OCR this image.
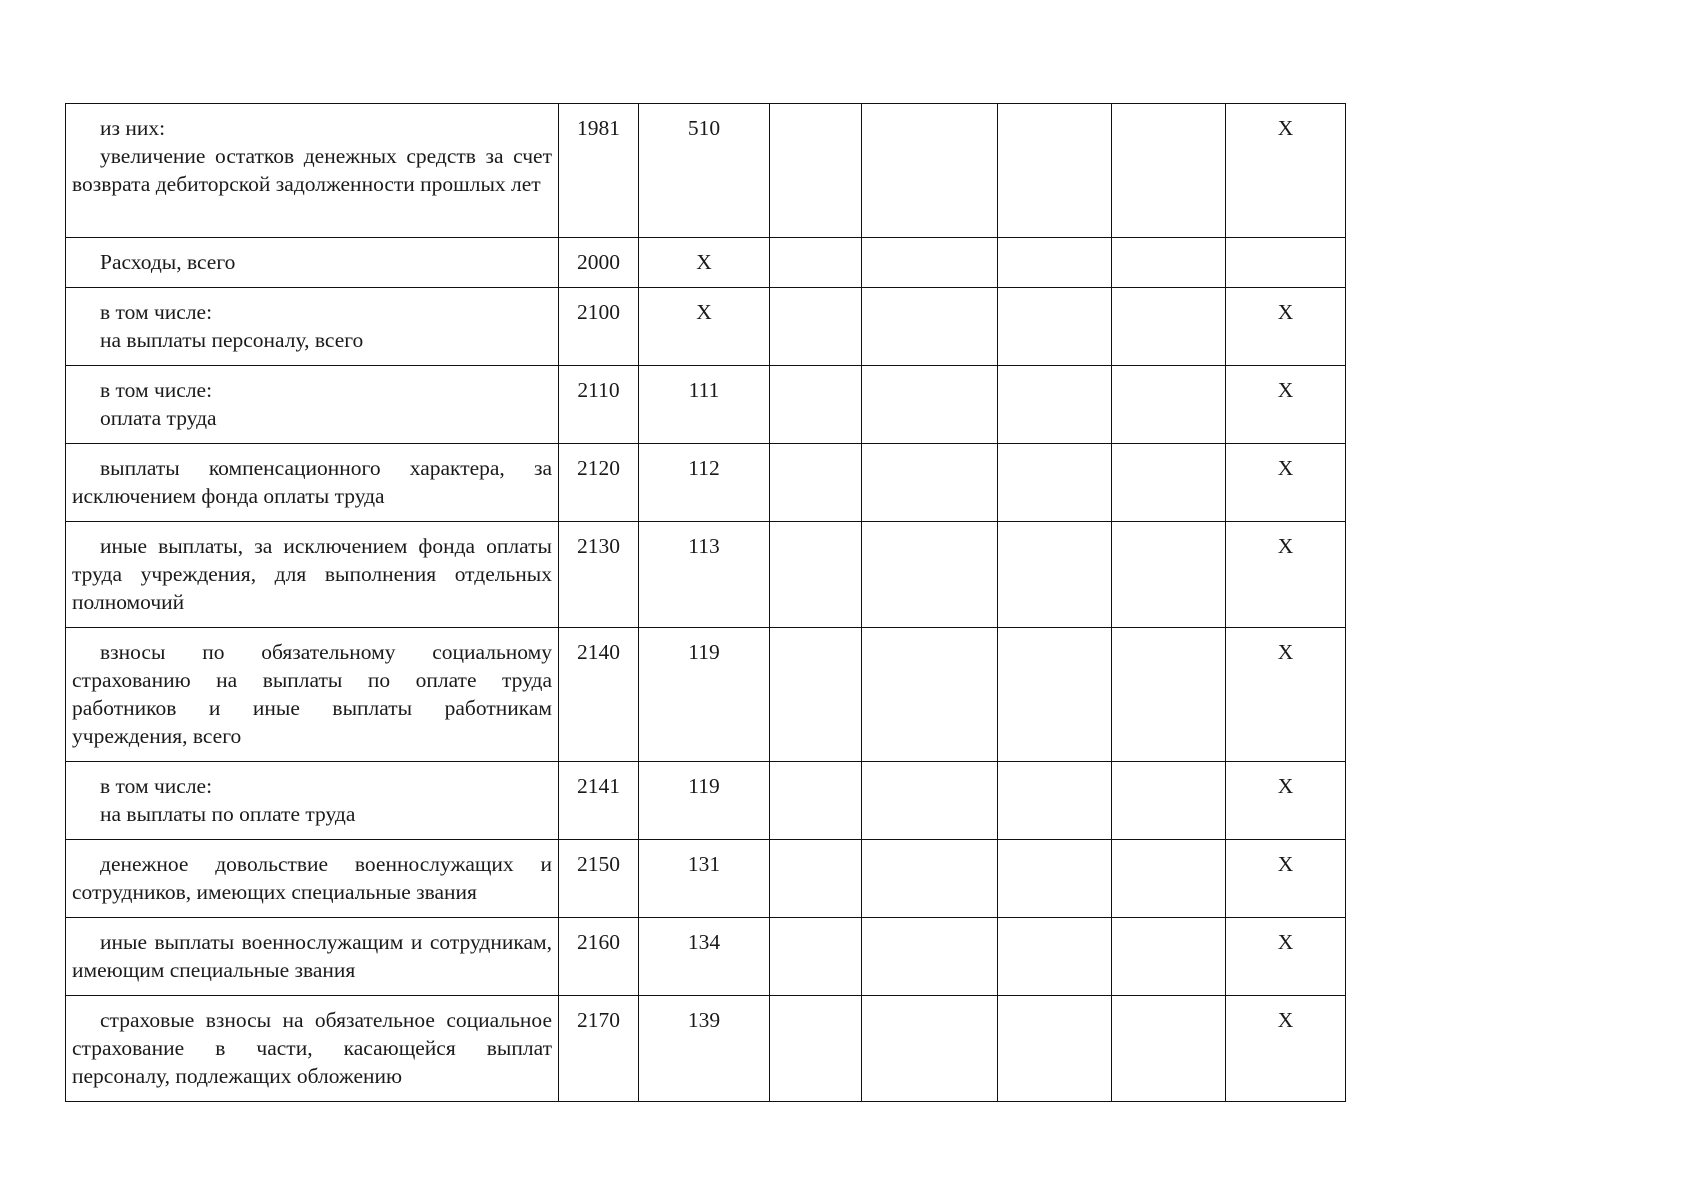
из них:
увеличение остатков денежных средств за счет возврата дебиторской задолженности прошлых лет	1981	510					X

Расходы, всего	2000	X					

в том числе:
на выплаты персоналу, всего	2100	X					X

в том числе:
оплата труда	2110	111					X

выплаты компенсационного характера, за исключением фонда оплаты труда	2120	112					X

иные выплаты, за исключением фонда оплаты труда учреждения, для выполнения отдельных полномочий	2130	113					X

взносы по обязательному социальному страхованию на выплаты по оплате труда работников и иные выплаты работникам учреждения, всего	2140	119					X

в том числе:
на выплаты по оплате труда	2141	119					X

денежное довольствие военнослужащих и сотрудников, имеющих специальные звания	2150	131					X

иные выплаты военнослужащим и сотрудникам, имеющим специальные звания	2160	134					X

страховые взносы на обязательное социальное страхование в части, касающейся выплат персоналу, подлежащих обложению	2170	139					X
